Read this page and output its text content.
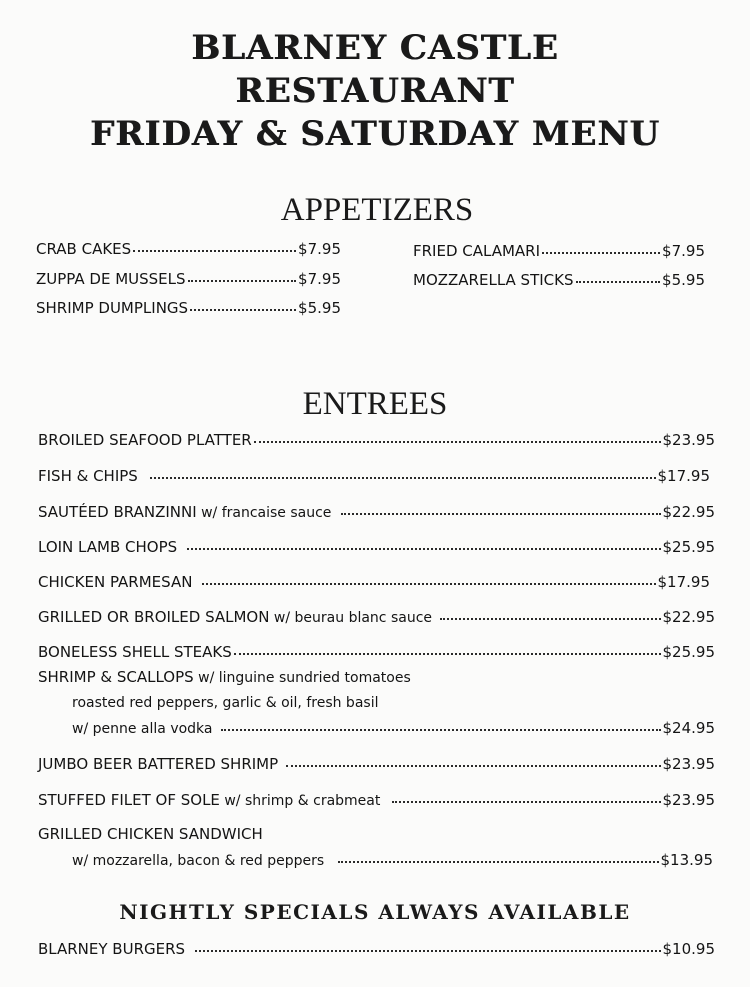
BLARNEY CASTLE
RESTAURANT
FRIDAY & SATURDAY MENU
APPETIZERS
CRAB CAKES	$7.95
ZUPPA DE MUSSELS	$7.95
SHRIMP DUMPLINGS	$5.95
FRIED CALAMARI	$7.95
MOZZARELLA STICKS	$5.95
ENTREES
BROILED SEAFOOD PLATTER	$23.95
FISH & CHIPS	$17.95
SAUTÉED BRANZINNI w/ francaise sauce	$22.95
LOIN LAMB CHOPS	$25.95
CHICKEN PARMESAN	$17.95
GRILLED OR BROILED SALMON w/ beurau blanc sauce	$22.95
BONELESS SHELL STEAKS	$25.95
SHRIMP & SCALLOPS w/ linguine sundried tomatoes
roasted red peppers, garlic & oil, fresh basil
w/ penne alla vodka	$24.95
JUMBO BEER BATTERED SHRIMP	$23.95
STUFFED FILET OF SOLE w/ shrimp & crabmeat	$23.95
GRILLED CHICKEN SANDWICH
w/ mozzarella, bacon & red peppers	$13.95
NIGHTLY SPECIALS ALWAYS AVAILABLE
BLARNEY BURGERS	$10.95
